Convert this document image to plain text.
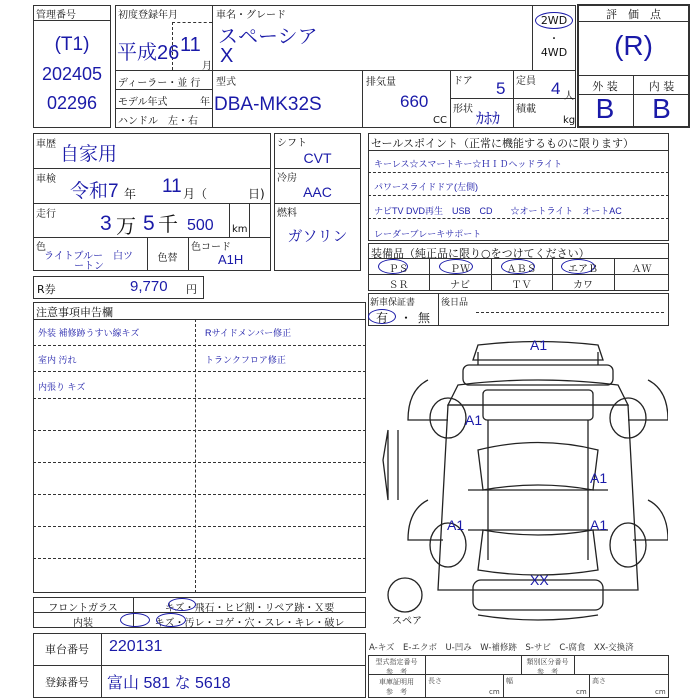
管理番号
(T1)
202405
02296
初度登録年月
平成26 11
月
車名・グレード
スペーシア
X
2WD
・
4WD
ディーラー・並 行
モデル年式	年
ハンドル　左・右
型式
DBA-MK32S
排気量
660
CC
ドア 5 定員 4 人
形状
ｶﾎｶ
積載
kg
評　価　点
(R)
外 装	内 装
B	B
車歴 自家用
車検
令和7 年 11 月（	日)
走行 3 万 5 千 500 km
色
ライトブルー　白ツ
ートン
色替
色コード
A1H
シフト
CVT
冷房
AAC
燃料
ガソリン
R券	9,770 円
注意事項申告欄
外装 補修跡うすい線キズ
室内 汚れ
内張り キズ
Rサイドメンバー修正
トランクフロア修正
セールスポイント（正常に機能するものに限ります）
キーレス☆スマートキー☆ＨＩＤヘッドライト
パワースライドドア(左側)
ナビTV DVD再生　USB　CD　　☆オートライト　オートAC
レーダーブレーキサポート
装備品（純正品に限り○をつけてください）
ＰＳ	ＰＷ	ＡＢＳ	エアＢ	ＡＷ
ＳＲ	ナビ	ＴＶ	カワ
新車保証書
有 ・ 無
後日品
A1
A1
A1
A1	A1
XX
スペア
フロントガラス	キズ・飛石・ヒビ割・リペア跡・Ｘ要
内装	キズ・汚レ・コゲ・穴・スレ・キレ・破レ
車台番号	220131
登録番号	富山 581 な 5618
A-キズ　E-エクボ　U-凹み　W-補修跡　S-サビ　C-腐食　XX-交換済
型式指定番号
参　考
類別区分番号
参　考
車庫証明用
参　考
長さ	幅	高さ
cm	cm	cm
